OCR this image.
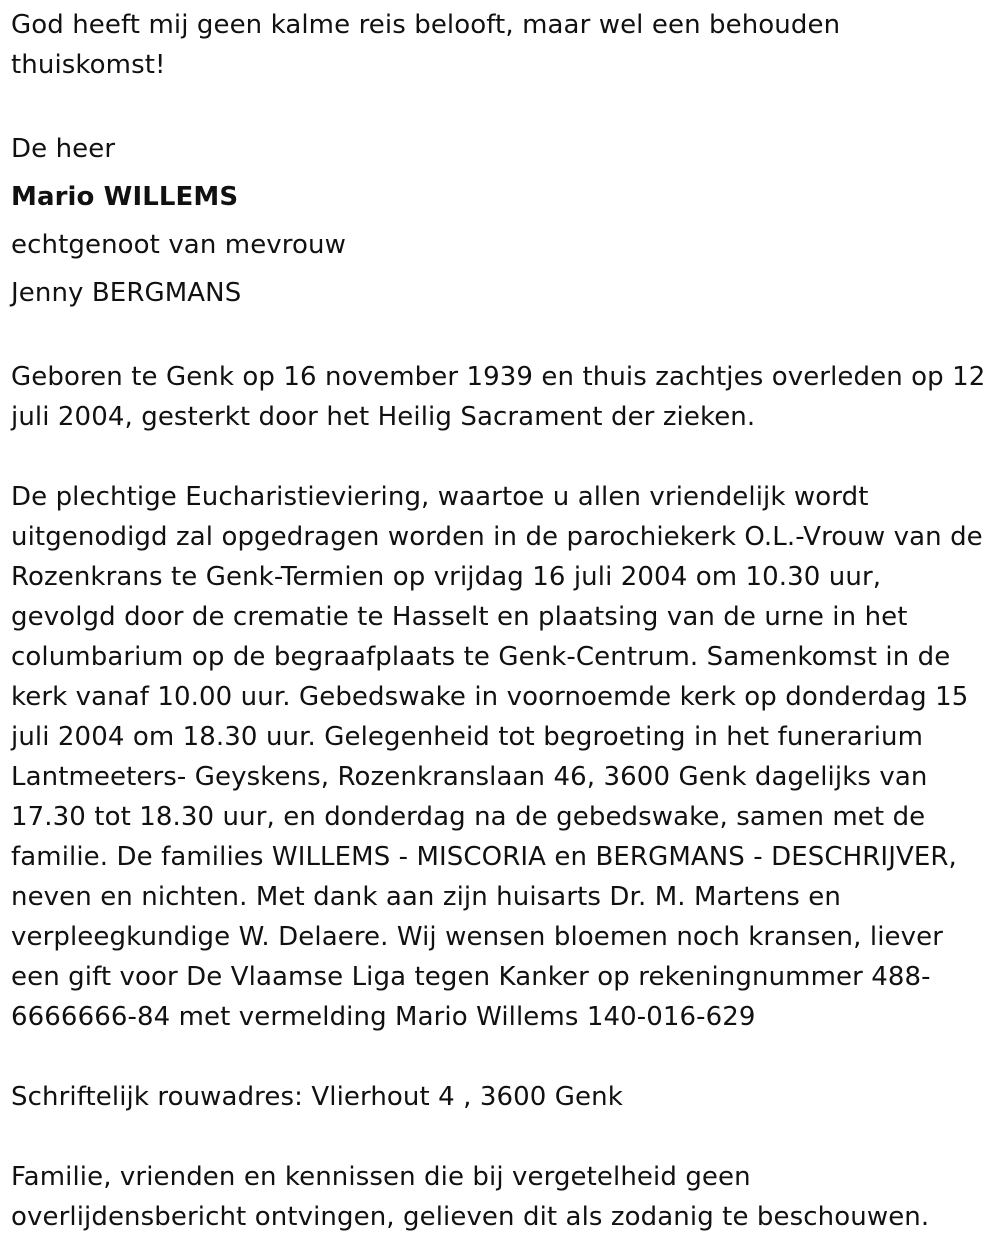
God heeft mij geen kalme reis belooft, maar wel een behouden thuiskomst!

De heer
Mario WILLEMS
echtgenoot van mevrouw
Jenny BERGMANS

Geboren te Genk op 16 november 1939 en thuis zachtjes overleden op 12 juli 2004, gesterkt door het Heilig Sacrament der zieken.

De plechtige Eucharistieviering, waartoe u allen vriendelijk wordt uitgenodigd zal opgedragen worden in de parochiekerk O.L.-Vrouw van de Rozenkrans te Genk-Termien op vrijdag 16 juli 2004 om 10.30 uur, gevolgd door de crematie te Hasselt en plaatsing van de urne in het columbarium op de begraafplaats te Genk-Centrum. Samenkomst in de kerk vanaf 10.00 uur. Gebedswake in voornoemde kerk op donderdag 15 juli 2004 om 18.30 uur. Gelegenheid tot begroeting in het funerarium Lantmeeters- Geyskens, Rozenkranslaan 46, 3600 Genk dagelijks van 17.30 tot 18.30 uur, en donderdag na de gebedswake, samen met de familie. De families WILLEMS - MISCORIA en BERGMANS - DESCHRIJVER, neven en nichten. Met dank aan zijn huisarts Dr. M. Martens en verpleegkundige W. Delaere. Wij wensen bloemen noch kransen, liever een gift voor De Vlaamse Liga tegen Kanker op rekeningnummer 488-6666666-84 met vermelding Mario Willems 140-016-629

Schriftelijk rouwadres: Vlierhout 4 , 3600 Genk

Familie, vrienden en kennissen die bij vergetelheid geen overlijdensbericht ontvingen, gelieven dit als zodanig te beschouwen.
